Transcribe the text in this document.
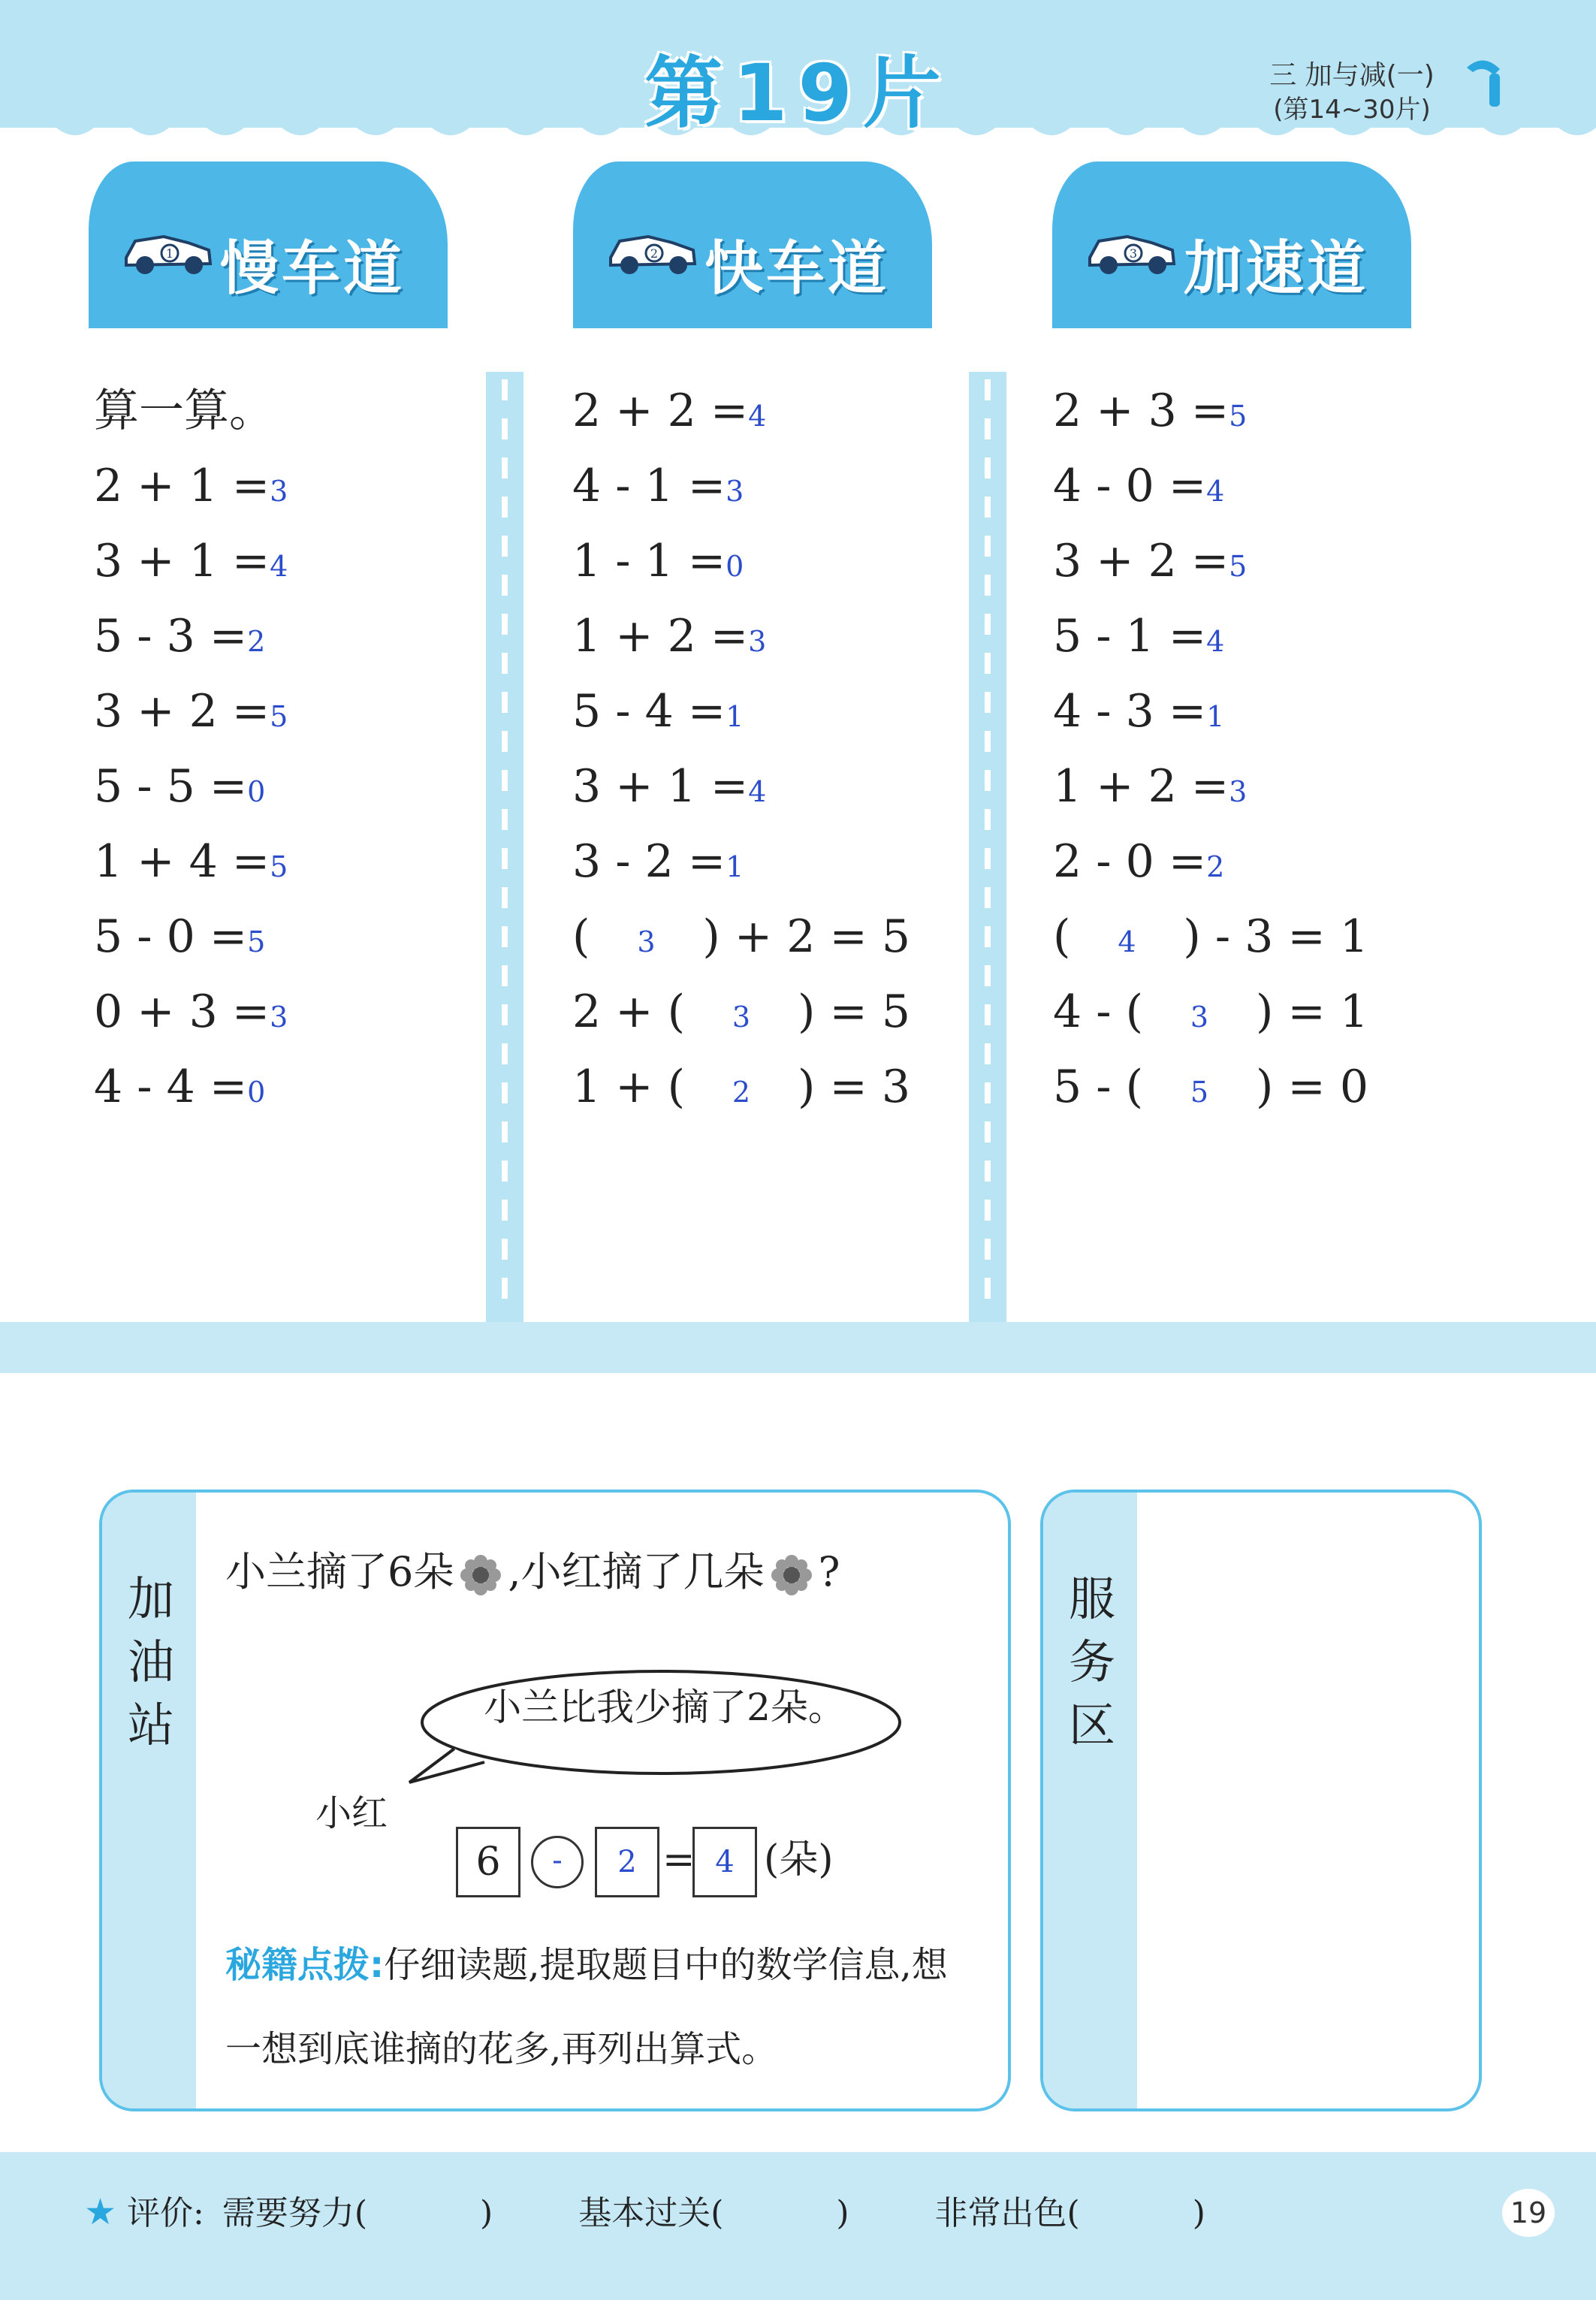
第19片	三 加与减(一)
(第14~30片)
1 慢车道	2 快车道	3 加速道
算一算。
2 + 1 =3
3 + 1 =4
5 - 3 =2
3 + 2 =5
5 - 5 =0
1 + 4 =5
5 - 0 =5
0 + 3 =3
4 - 4 =0
2 + 2 =4
4 - 1 =3
1 - 1 =0
1 + 2 =3
5 - 4 =1
3 + 1 =4
3 - 2 =1
( 3 ) + 2 = 5
2 + ( 3 ) = 5
1 + ( 2 ) = 3
2 + 3 =5
4 - 0 =4
3 + 2 =5
5 - 1 =4
4 - 3 =1
1 + 2 =3
2 - 0 =2
( 4 ) - 3 = 1
4 - ( 3 ) = 1
5 - ( 5 ) = 0
加油站
小兰摘了6朵 ,小红摘了几朵 ?
小兰比我少摘了2朵。
小红
6	-	2 = 4 (朵)
秘籍点拨:仔细读题,提取题目中的数学信息,想一想到底谁摘的花多,再列出算式。
服务区
★ 评价: 需要努力(	)	基本过关(	)	非常出色(	)	19
